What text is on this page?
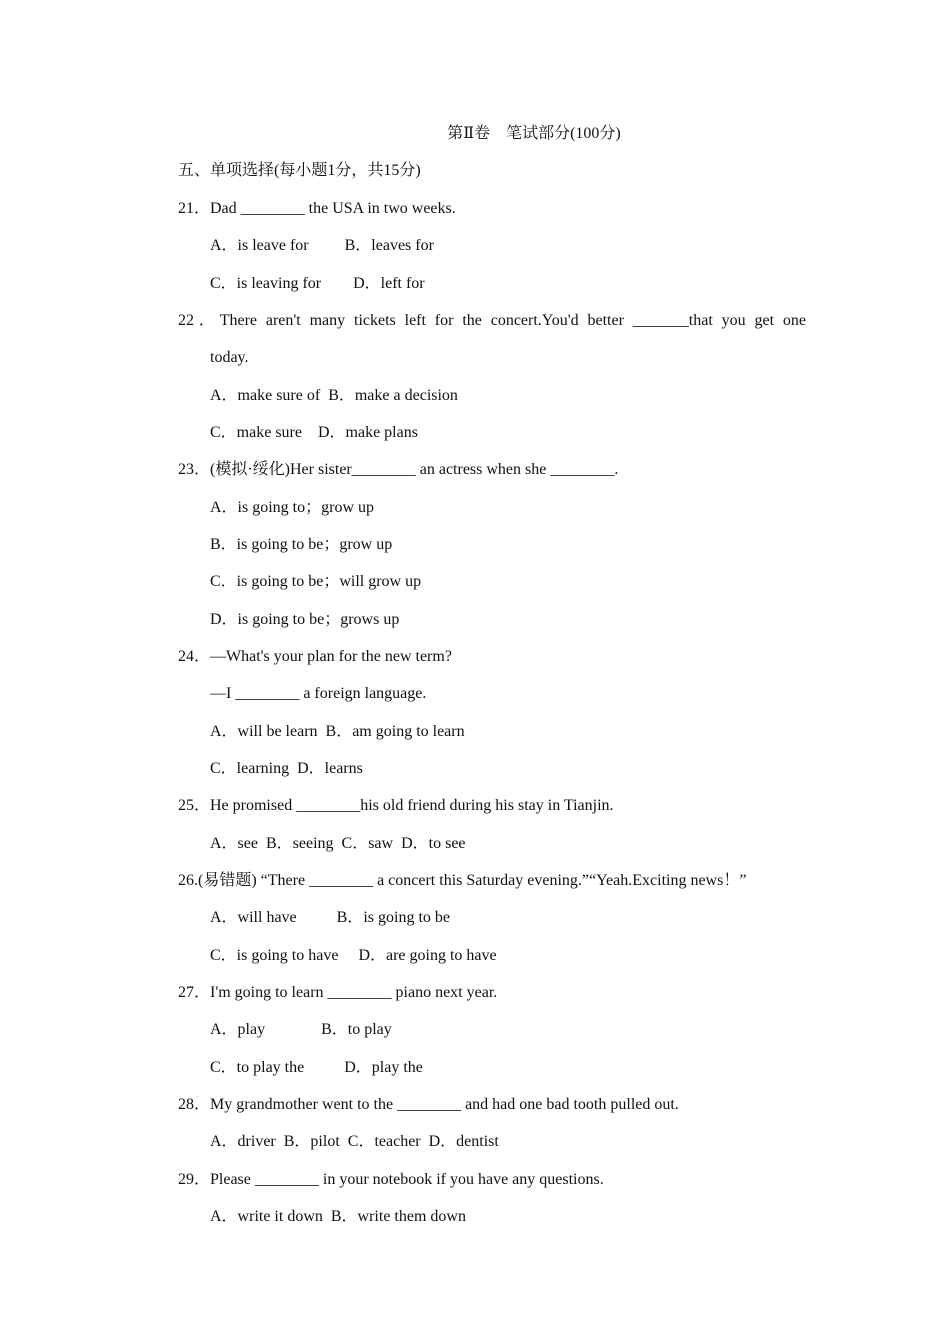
第Ⅱ卷　笔试部分(100分)
五、单项选择(每小题1分，共15分)
21．Dad ________ the USA in two weeks.
A．is leave for         B．leaves for
C．is leaving for        D．left for
22．There aren't many tickets left for the concert.You'd better _______that you get one
today.
A．make sure of  B．make a decision
C．make sure    D．make plans
23．(模拟·绥化)Her sister________ an actress when she ________.
A．is going to；grow up
B．is going to be；grow up
C．is going to be；will grow up
D．is going to be；grows up
24．—What's your plan for the new term?
—I ________ a foreign language.
A．will be learn  B．am going to learn
C．learning  D．learns
25．He promised ________his old friend during his stay in Tianjin.
A．see  B．seeing  C．saw  D．to see
26.(易错题) “There ________ a concert this Saturday evening.”“Yeah.Exciting news！”
A．will have          B．is going to be
C．is going to have     D．are going to have
27．I'm going to learn ________ piano next year.
A．play              B．to play
C．to play the          D．play the
28．My grandmother went to the ________ and had one bad tooth pulled out.
A．driver  B．pilot  C．teacher  D．dentist
29．Please ________ in your notebook if you have any questions.
A．write it down  B．write them down
